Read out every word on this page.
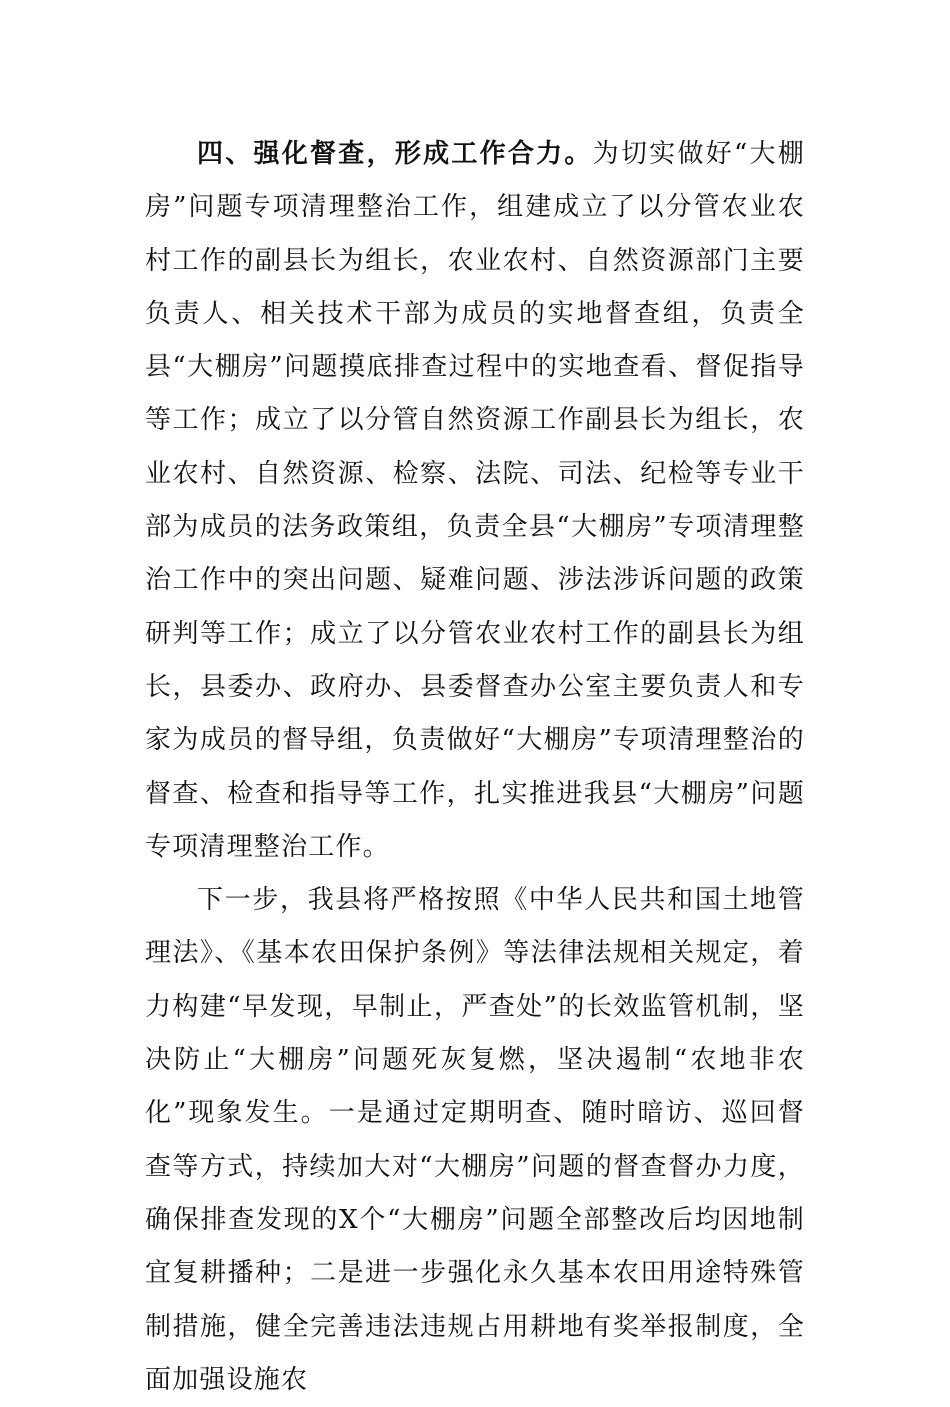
四、强化督查，形成工作合力。为切实做好“大棚房”问题专项清理整治工作，组建成立了以分管农业农村工作的副县长为组长，农业农村、自然资源部门主要负责人、相关技术干部为成员的实地督查组，负责全县“大棚房”问题摸底排查过程中的实地查看、督促指导等工作；成立了以分管自然资源工作副县长为组长，农业农村、自然资源、检察、法院、司法、纪检等专业干部为成员的法务政策组，负责全县“大棚房”专项清理整治工作中的突出问题、疑难问题、涉法涉诉问题的政策研判等工作；成立了以分管农业农村工作的副县长为组长，县委办、政府办、县委督查办公室主要负责人和专家为成员的督导组，负责做好“大棚房”专项清理整治的督查、检查和指导等工作，扎实推进我县“大棚房”问题专项清理整治工作。

下一步，我县将严格按照《中华人民共和国土地管理法》、《基本农田保护条例》等法律法规相关规定，着力构建“早发现，早制止，严查处”的长效监管机制，坚决防止“大棚房”问题死灰复燃，坚决遏制“农地非农化”现象发生。一是通过定期明查、随时暗访、巡回督查等方式，持续加大对“大棚房”问题的督查督办力度，确保排查发现的X个“大棚房”问题全部整改后均因地制宜复耕播种；二是进一步强化永久基本农田用途特殊管制措施，健全完善违法违规占用耕地有奖举报制度，全面加强设施农
